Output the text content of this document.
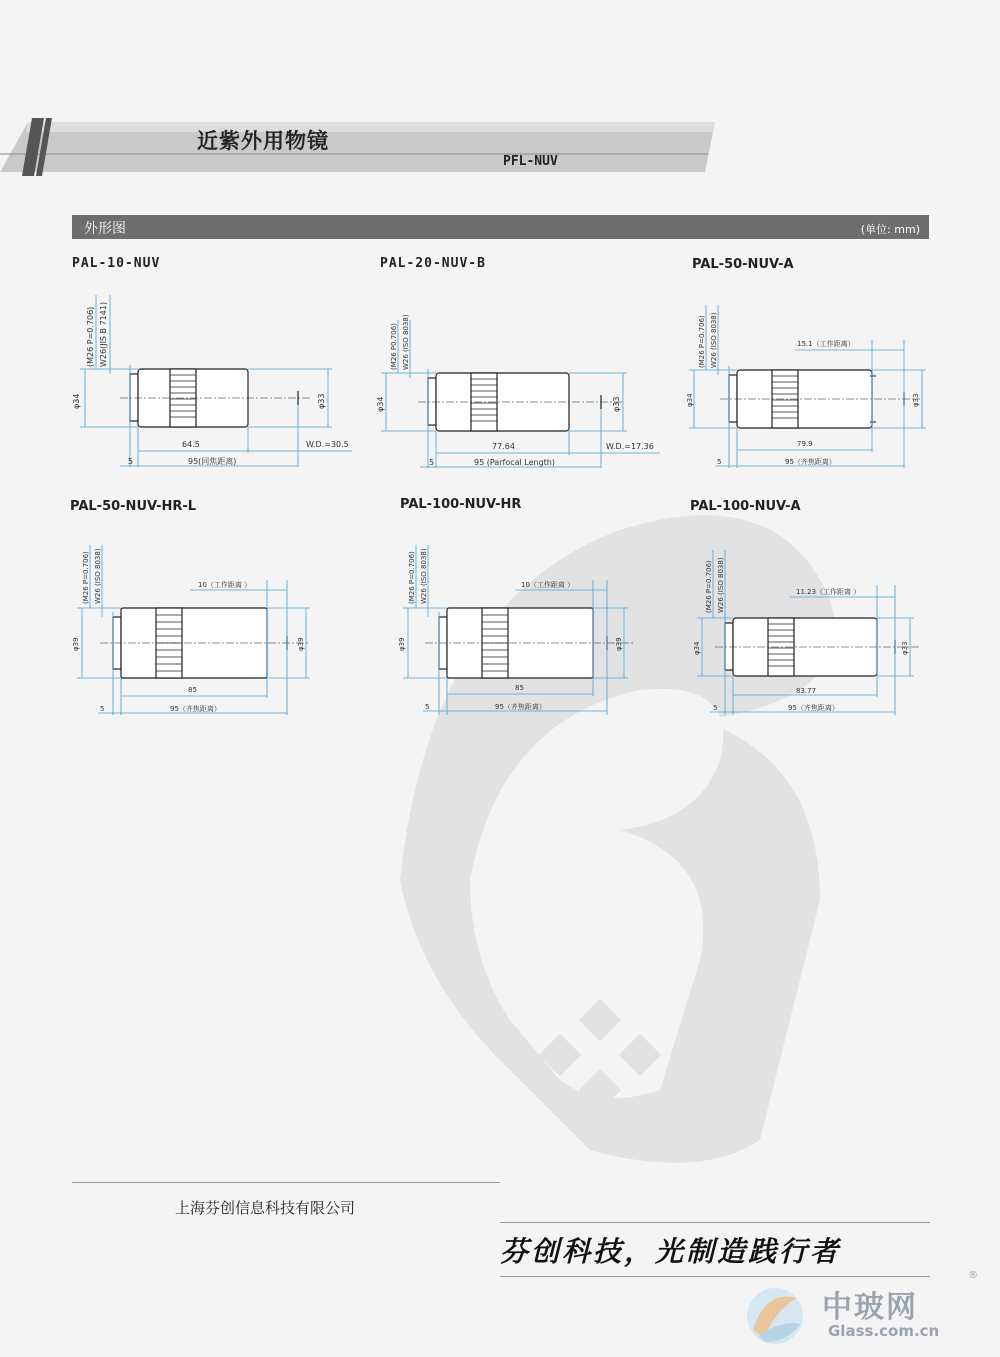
近紫外用物镜
PFL-NUV
外形图	(单位: mm)
PAL-10-NUV	PAL-20-NUV-B	PAL-50-NUV-A
PAL-50-NUV-HR-L	PAL-100-NUV-HR	PAL-100-NUV-A
(M26 P=0.706) W26(JIS B 7141)
φ34	φ33
64.5	W.D.=30.5
5	95(同焦距离)
(M26 P0.706) W26 (ISO 8038)
φ34	φ33
77.64	W.D.=17.36
5	95 (Parfocal Length)
(M26 P=0.706) W26 (ISO 8038)
φ34	φ33
15.1（工作距离）
79.9
5	95（齐焦距离）
(M26 P=0.706) W26 (ISO 8038)
φ39	φ39
10（工作距离 ）
85
5	95（齐焦距离）
(M26 P=0.706) W26 (ISO 8038)
φ39	φ39
10（工作距离 ）
85
5	95（齐焦距离）
(M26 P=0.706) W26 (ISO 8038)
φ34	φ33
11.23（工作距离 ）
83.77
5	95（齐焦距离）
上海芬创信息科技有限公司
芬创科技，光制造践行者
中玻网
®
Glass.com.cn
